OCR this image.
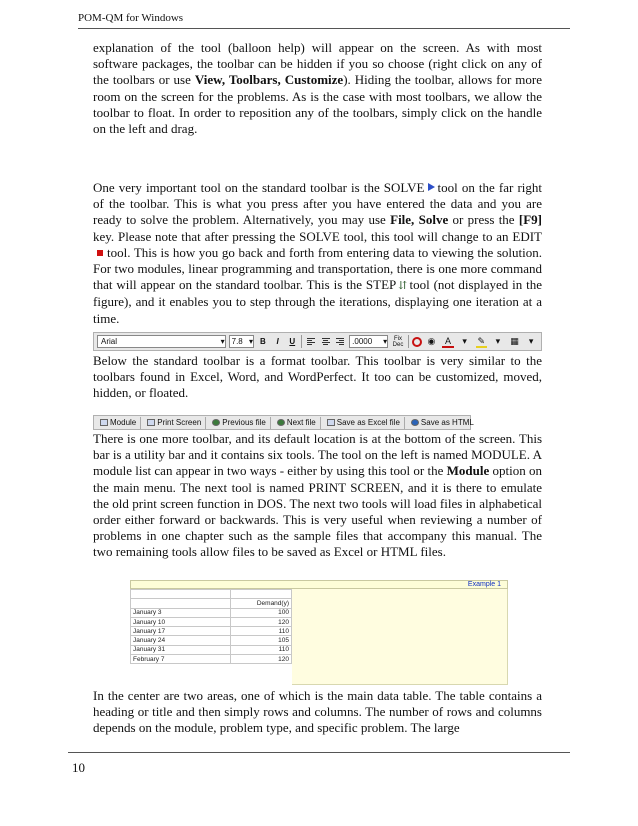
POM-QM for Windows

explanation of the tool (balloon help) will appear on the screen. As with most software packages, the toolbar can be hidden if you so choose (right click on any of the toolbars or use View, Toolbars, Customize). Hiding the toolbar, allows for more room on the screen for the problems. As is the case with most toolbars, we allow the toolbar to float. In order to reposition any of the toolbars, simply click on the handle on the left and drag.

One very important tool on the standard toolbar is the SOLVE tool on the far right of the toolbar. This is what you press after you have entered the data and you are ready to solve the problem. Alternatively, you may use File, Solve or press the [F9] key. Please note that after pressing the SOLVE tool, this tool will change to an EDITtool. This is how you go back and forth from entering data to viewing the solution. For two modules, linear programming and transportation, there is one more command that will appear on the standard toolbar. This is the STEP ⇵ tool (not displayed in the figure), and it enables you to step through the iterations, displaying one iteration at a time.

Arial	▾ 7.8 ▾ B	I	U	.0000 ▾	Fix Dec	◉	A	▾	✎	▾	▦	▾

Below the standard toolbar is a format toolbar. This toolbar is very similar to the toolbars found in Excel, Word, and WordPerfect. It too can be customized, moved, hidden, or floated.

Module	Print Screen	Previous file	Next file	Save as Excel file	Save as HTML

There is one more toolbar, and its default location is at the bottom of the screen. This bar is a utility bar and it contains six tools. The tool on the left is named MODULE. A module list can appear in two ways - either by using this tool or the Module option on the main menu. The next tool is named PRINT SCREEN, and it is there to emulate the old print screen function in DOS. The next two tools will load files in alphabetical order either forward or backwards. This is very useful when reviewing a number of problems in one chapter such as the sample files that accompany this manual. The two remaining tools allow files to be saved as Excel or HTML files.

Example 1

	Demand(y)
January 3	100
January 10	120
January 17	110
January 24	105
January 31	110
February 7	120

In the center are two areas, one of which is the main data table. The table contains a heading or title and then simply rows and columns. The number of rows and columns depends on the module, problem type, and specific problem. The large

10
